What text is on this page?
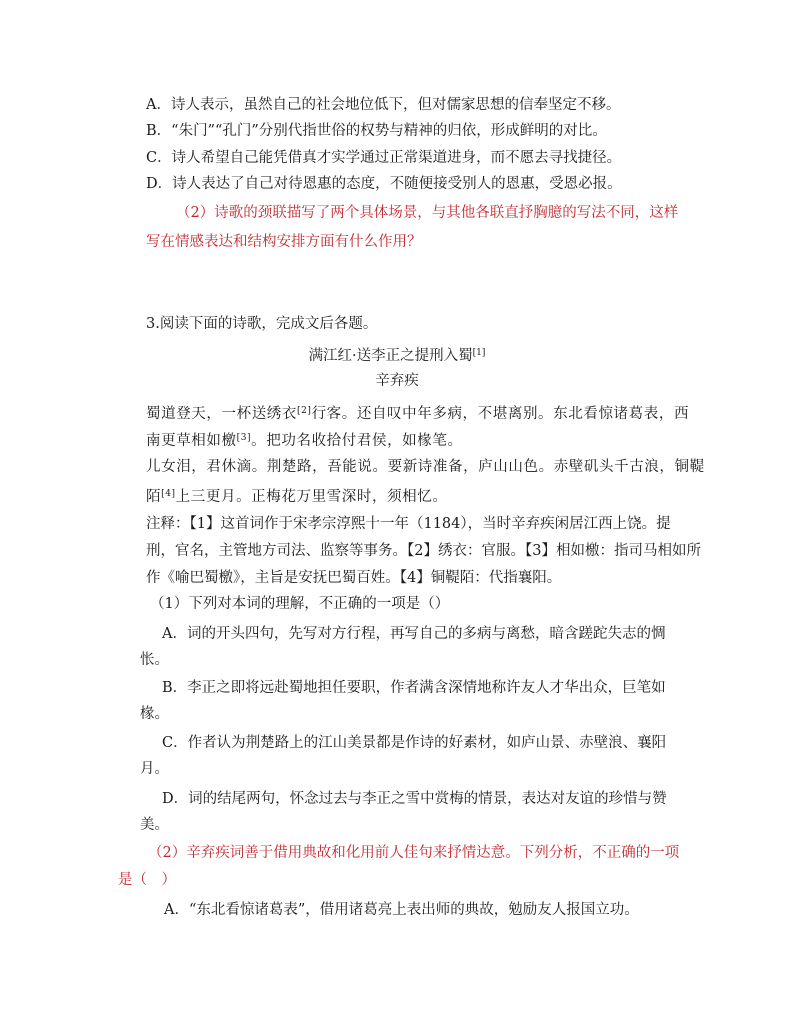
A．诗人表示，虽然自己的社会地位低下，但对儒家思想的信奉坚定不移。
B．“朱门”“孔门”分别代指世俗的权势与精神的归依，形成鲜明的对比。
C．诗人希望自己能凭借真才实学通过正常渠道进身，而不愿去寻找捷径。
D．诗人表达了自己对待恩惠的态度，不随便接受别人的恩惠，受恩必报。
（2）诗歌的颈联描写了两个具体场景，与其他各联直抒胸臆的写法不同，这样
写在情感表达和结构安排方面有什么作用？
3.阅读下面的诗歌，完成文后各题。
满江红·送李正之提刑入蜀[1]
辛弃疾
蜀道登天，一杯送绣衣[2]行客。还自叹中年多病，不堪离别。东北看惊诸葛表，西
南更草相如檄[3]。把功名收拾付君侯，如椽笔。
儿女泪，君休滴。荆楚路，吾能说。要新诗准备，庐山山色。赤壁矶头千古浪，铜鞮
陌[4]上三更月。正梅花万里雪深时，须相忆。
注释：【1】这首词作于宋孝宗淳熙十一年（1184），当时辛弃疾闲居江西上饶。提
刑，官名，主管地方司法、监察等事务。【2】绣衣：官服。【3】相如檄：指司马相如所
作《喻巴蜀檄》，主旨是安抚巴蜀百姓。【4】铜鞮陌：代指襄阳。
（1）下列对本词的理解，不正确的一项是（）
A．词的开头四句，先写对方行程，再写自己的多病与离愁，暗含蹉跎失志的惆
怅。
B．李正之即将远赴蜀地担任要职，作者满含深情地称许友人才华出众，巨笔如
椽。
C．作者认为荆楚路上的江山美景都是作诗的好素材，如庐山景、赤壁浪、襄阳
月。
D．词的结尾两句，怀念过去与李正之雪中赏梅的情景，表达对友谊的珍惜与赞
美。
（2）辛弃疾词善于借用典故和化用前人佳句来抒情达意。下列分析，不正确的一项
是（　）
A．“东北看惊诸葛表”，借用诸葛亮上表出师的典故，勉励友人报国立功。
